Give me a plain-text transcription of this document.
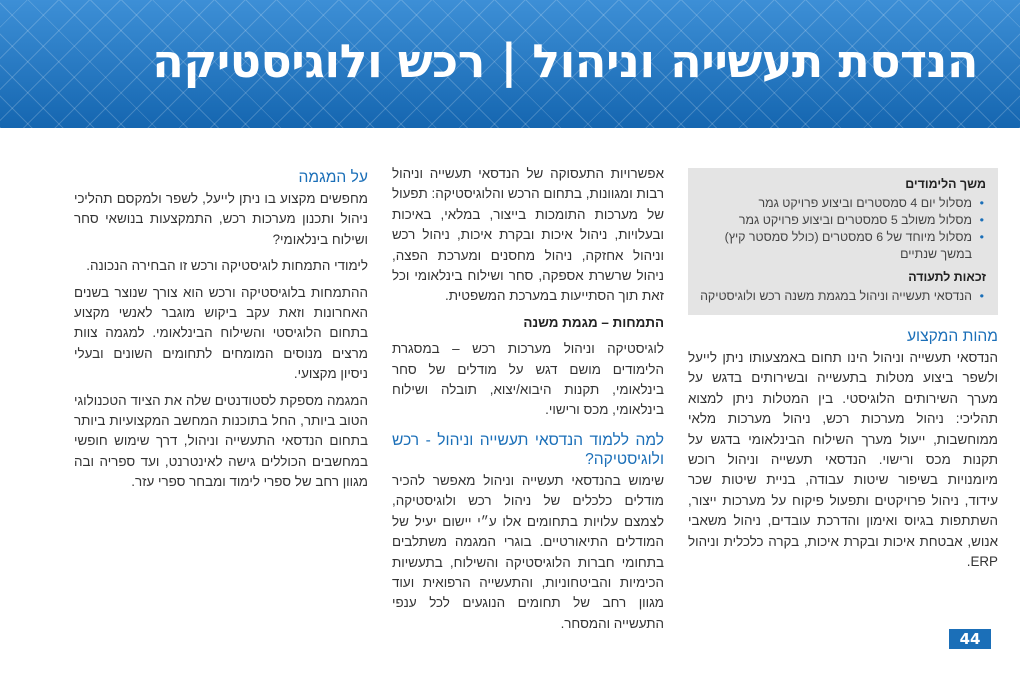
הנדסת תעשייה וניהול | רכש ולוגיסטיקה

משך הלימודים

• מסלול יום 4 סמסטרים וביצוע פרויקט גמר
• מסלול משולב 5 סמסטרים וביצוע פרויקט גמר
• מסלול מיוחד של 6 סמסטרים (כולל סמסטר קיץ) במשך שנתיים

זכאות לתעודה

• הנדסאי תעשייה וניהול במגמת משנה רכש ולוגיסטיקה
מהות המקצוע

הנדסאי תעשייה וניהול הינו תחום באמצעותו ניתן לייעל ולשפר ביצוע מטלות בתעשייה ובשירותים בדגש על מערך השירותים הלוגיסטי. בין המטלות ניתן למצוא תהליכי: ניהול מערכות רכש, ניהול מערכות מלאי ממוחשבות, ייעול מערך השילוח הבינלאומי בדגש על תקנות מכס ורישוי. הנדסאי תעשייה וניהול רוכש מיומנויות בשיפור שיטות עבודה, בניית שיטות שכר עידוד, ניהול פרויקטים ותפעול פיקוח על מערכות ייצור, השתתפות בגיוס ואימון והדרכת עובדים, ניהול משאבי אנוש, אבטחת איכות ובקרת איכות, בקרה כלכלית וניהול ERP.

אפשרויות התעסוקה של הנדסאי תעשייה וניהול רבות ומגוונות, בתחום הרכש והלוגיסטיקה: תפעול של מערכות התומכות בייצור, במלאי, באיכות ובעלויות, ניהול איכות ובקרת איכות, ניהול רכש וניהול אחזקה, ניהול מחסנים ומערכת הפצה, ניהול שרשרת אספקה, סחר ושילוח בינלאומי וכל זאת תוך הסתייעות במערכת המשפטית.

התמחות – מגמת משנה

לוגיסטיקה וניהול מערכות רכש – במסגרת הלימודים מושם דגש על מודלים של סחר בינלאומי, תקנות היבוא/יצוא, תובלה ושילוח בינלאומי, מכס ורישוי.

למה ללמוד הנדסאי תעשייה וניהול - רכש ולוגיסטיקה?

שימוש בהנדסאי תעשייה וניהול מאפשר להכיר מודלים כלכלים של ניהול רכש ולוגיסטיקה, לצמצם עלויות בתחומים אלו ע״י יישום יעיל של המודלים התיאורטיים. בוגרי המגמה משתלבים בתחומי חברות הלוגיסטיקה והשילוח, בתעשיות הכימיות והביטחוניות, והתעשייה הרפואית ועוד מגוון רחב של תחומים הנוגעים לכל ענפי התעשייה והמסחר.

על המגמה

מחפשים מקצוע בו ניתן לייעל, לשפר ולמקסם תהליכי ניהול ותכנון מערכות רכש, התמקצעות בנושאי סחר ושילוח בינלאומי?

לימודי התמחות לוגיסטיקה ורכש זו הבחירה הנכונה.

ההתמחות בלוגיסטיקה ורכש הוא צורך שנוצר בשנים האחרונות וזאת עקב ביקוש מוגבר לאנשי מקצוע בתחום הלוגיסטי והשילוח הבינלאומי. למגמה צוות מרצים מנוסים המומחים לתחומים השונים ובעלי ניסיון מקצועי.

המגמה מספקת לסטודנטים שלה את הציוד הטכנולוגי הטוב ביותר, החל בתוכנות המחשב המקצועיות ביותר בתחום הנדסאי התעשייה וניהול, דרך שימוש חופשי במחשבים הכוללים גישה לאינטרנט, ועד ספריה ובה מגוון רחב של ספרי לימוד ומבחר ספרי עזר.

44
